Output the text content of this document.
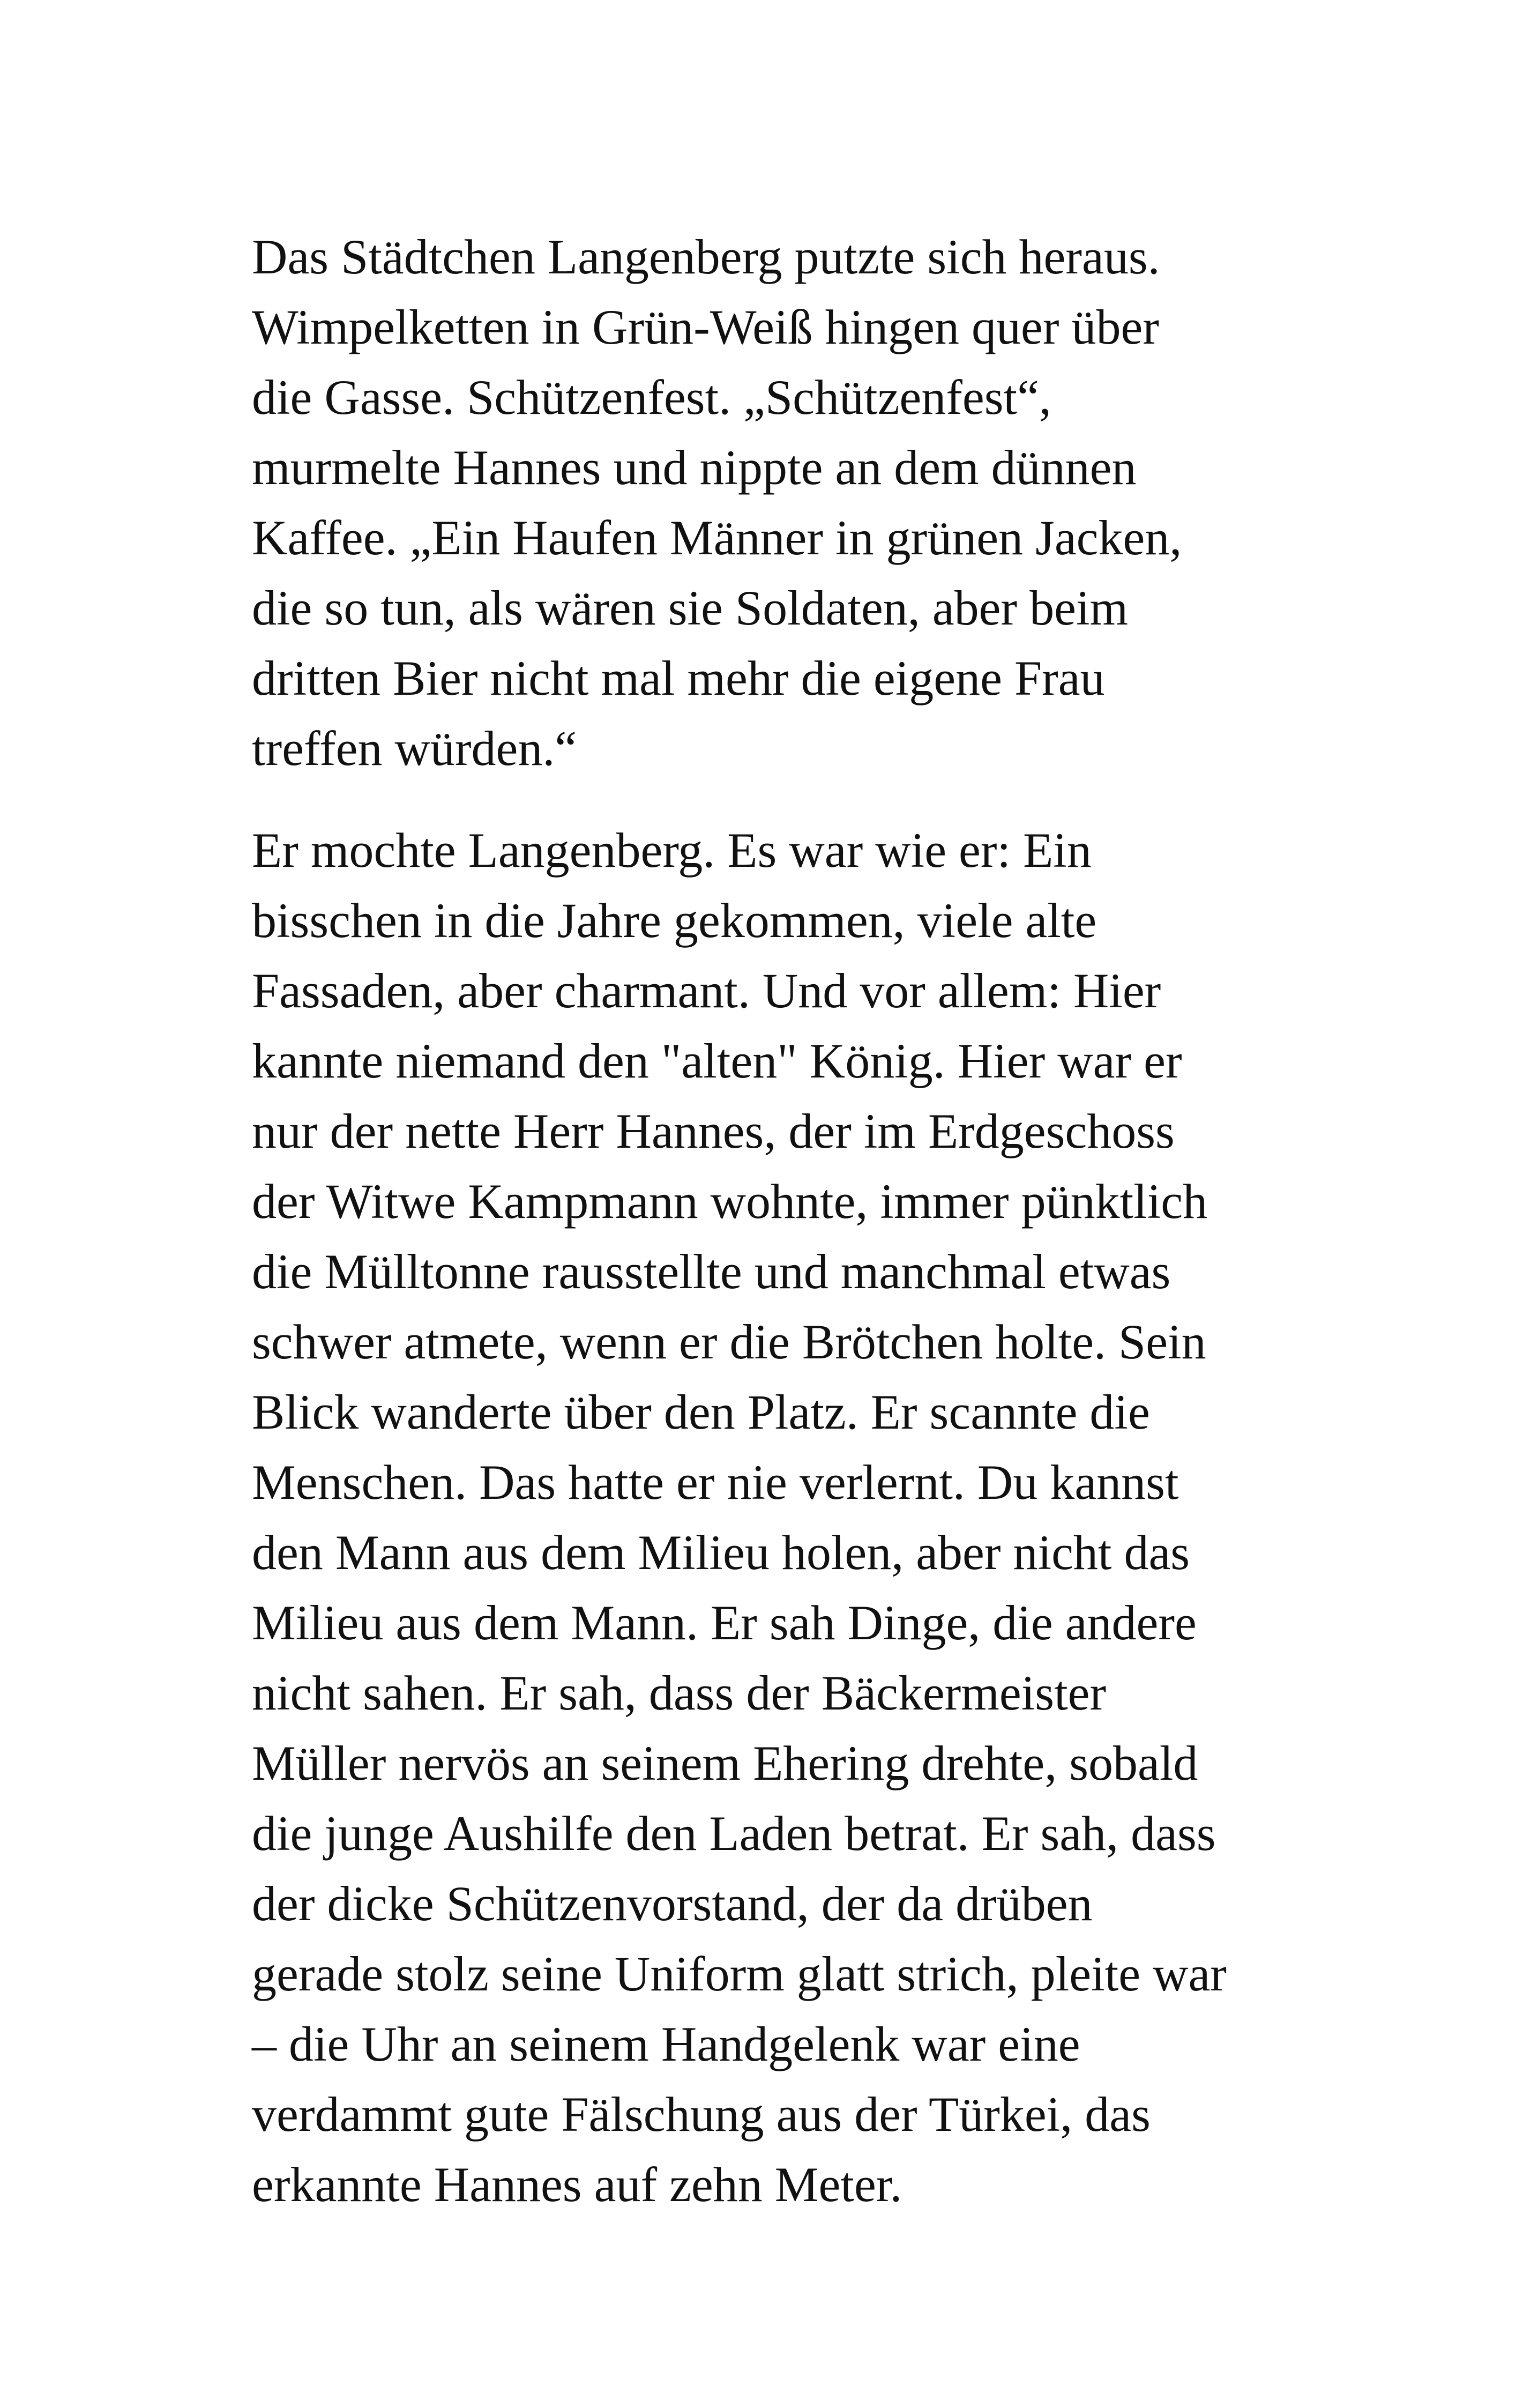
Das Städtchen Langenberg putzte sich heraus.
Wimpelketten in Grün-Weiß hingen quer über
die Gasse. Schützenfest. „Schützenfest“,
murmelte Hannes und nippte an dem dünnen
Kaffee. „Ein Haufen Männer in grünen Jacken,
die so tun, als wären sie Soldaten, aber beim
dritten Bier nicht mal mehr die eigene Frau
treffen würden.“

Er mochte Langenberg. Es war wie er: Ein
bisschen in die Jahre gekommen, viele alte
Fassaden, aber charmant. Und vor allem: Hier
kannte niemand den "alten" König. Hier war er
nur der nette Herr Hannes, der im Erdgeschoss
der Witwe Kampmann wohnte, immer pünktlich
die Mülltonne rausstellte und manchmal etwas
schwer atmete, wenn er die Brötchen holte. Sein
Blick wanderte über den Platz. Er scannte die
Menschen. Das hatte er nie verlernt. Du kannst
den Mann aus dem Milieu holen, aber nicht das
Milieu aus dem Mann. Er sah Dinge, die andere
nicht sahen. Er sah, dass der Bäckermeister
Müller nervös an seinem Ehering drehte, sobald
die junge Aushilfe den Laden betrat. Er sah, dass
der dicke Schützenvorstand, der da drüben
gerade stolz seine Uniform glatt strich, pleite war
– die Uhr an seinem Handgelenk war eine
verdammt gute Fälschung aus der Türkei, das
erkannte Hannes auf zehn Meter.
